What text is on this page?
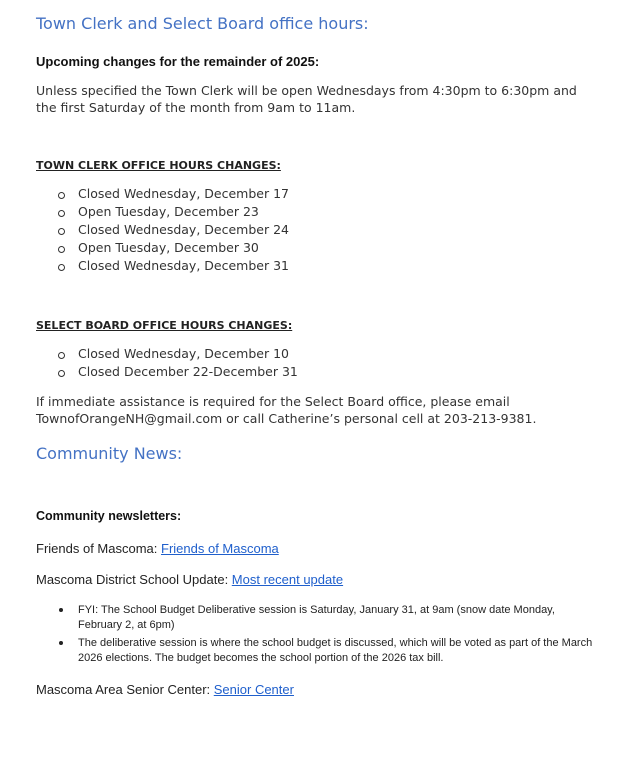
Town Clerk and Select Board office hours:
Upcoming changes for the remainder of 2025:
Unless specified the Town Clerk will be open Wednesdays from 4:30pm to 6:30pm and the first Saturday of the month from 9am to 11am.
TOWN CLERK OFFICE HOURS CHANGES:
Closed Wednesday, December 17
Open Tuesday, December 23
Closed Wednesday, December 24
Open Tuesday, December 30
Closed Wednesday, December 31
SELECT BOARD OFFICE HOURS CHANGES:
Closed Wednesday, December 10
Closed December 22-December 31
If immediate assistance is required for the Select Board office, please email TownofOrangeNH@gmail.com or call Catherine’s personal cell at 203-213-9381.
Community News:
Community newsletters:
Friends of Mascoma: Friends of Mascoma
Mascoma District School Update: Most recent update
FYI: The School Budget Deliberative session is Saturday, January 31, at 9am (snow date Monday, February 2, at 6pm)
The deliberative session is where the school budget is discussed, which will be voted as part of the March 2026 elections. The budget becomes the school portion of the 2026 tax bill.
Mascoma Area Senior Center: Senior Center
